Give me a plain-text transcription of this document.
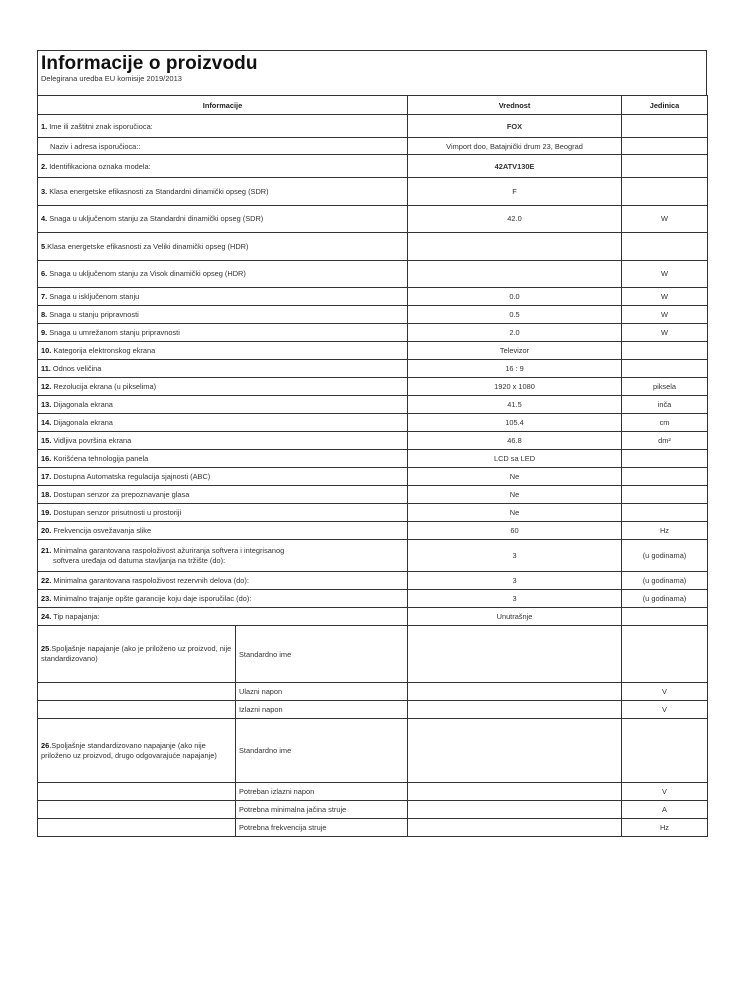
Informacije o proizvodu
Delegirana uredba EU komisije 2019/2013
Informacije		Vrednost	Jedinica
1. Ime ili zaštitni znak isporučioca:		FOX	
Naziv i adresa isporučioca::		Vimport doo, Batajnički drum 23, Beograd	
2. Identifikaciona oznaka modela:		42ATV130E	
3. Klasa energetske efikasnosti za Standardni dinamički opseg (SDR)		F	
4. Snaga u uključenom stanju za Standardni dinamički opseg (SDR)		42.0	W
5.Klasa energetske efikasnosti za Veliki dinamički opseg (HDR)			
6. Snaga u uključenom stanju za Visok dinamički opseg (HDR)			W
7. Snaga u isključenom stanju		0.0	W
8. Snaga u stanju pripravnosti		0.5	W
9. Snaga u umrežanom stanju pripravnosti		2.0	W
10. Kategorija elektronskog ekrana		Televizor	
11. Odnos veličina		16 : 9	
12. Rezolucija ekrana (u pikselima)		1920 x 1080	piksela
13. Dijagonala ekrana		41.5	inča
14. Dijagonala ekrana		105.4	cm
15. Vidljiva površina ekrana		46.8	dm²
16. Korišćena tehnologija panela		LCD sa LED	
17. Dostupna Automatska regulacija sjajnosti (ABC)		Ne	
18. Dostupan senzor za prepoznavanje glasa		Ne	
19. Dostupan senzor prisutnosti u prostoriji		Ne	
20. Frekvencija osvežavanja slike		60	Hz

21. Minimalna garantovana raspoloživost ažuriranja softvera i integrisanog
softvera uređaja od datuma stavljanja na tržište (do):		3	(u godinama)
22. Minimalna garantovana raspoloživost rezervnih delova (do):		3	(u godinama)
23. Minimalno trajanje opšte garancije koju daje isporučilac (do):		3	(u godinama)
24. Tip napajanja:		Unutrašnje	
25.Spoljašnje napajanje (ako je priloženo uz proizvod, nije standardizovano)	Standardno ime		
	Ulazni napon		V
	Izlazni napon		V
26.Spoljašnje standardizovano napajanje (ako nije priloženo uz proizvod, drugo odgovarajuće napajanje)	Standardno ime		
	Potreban izlazni napon		V
	Potrebna minimalna jačina struje		A
	Potrebna frekvencija struje		Hz
